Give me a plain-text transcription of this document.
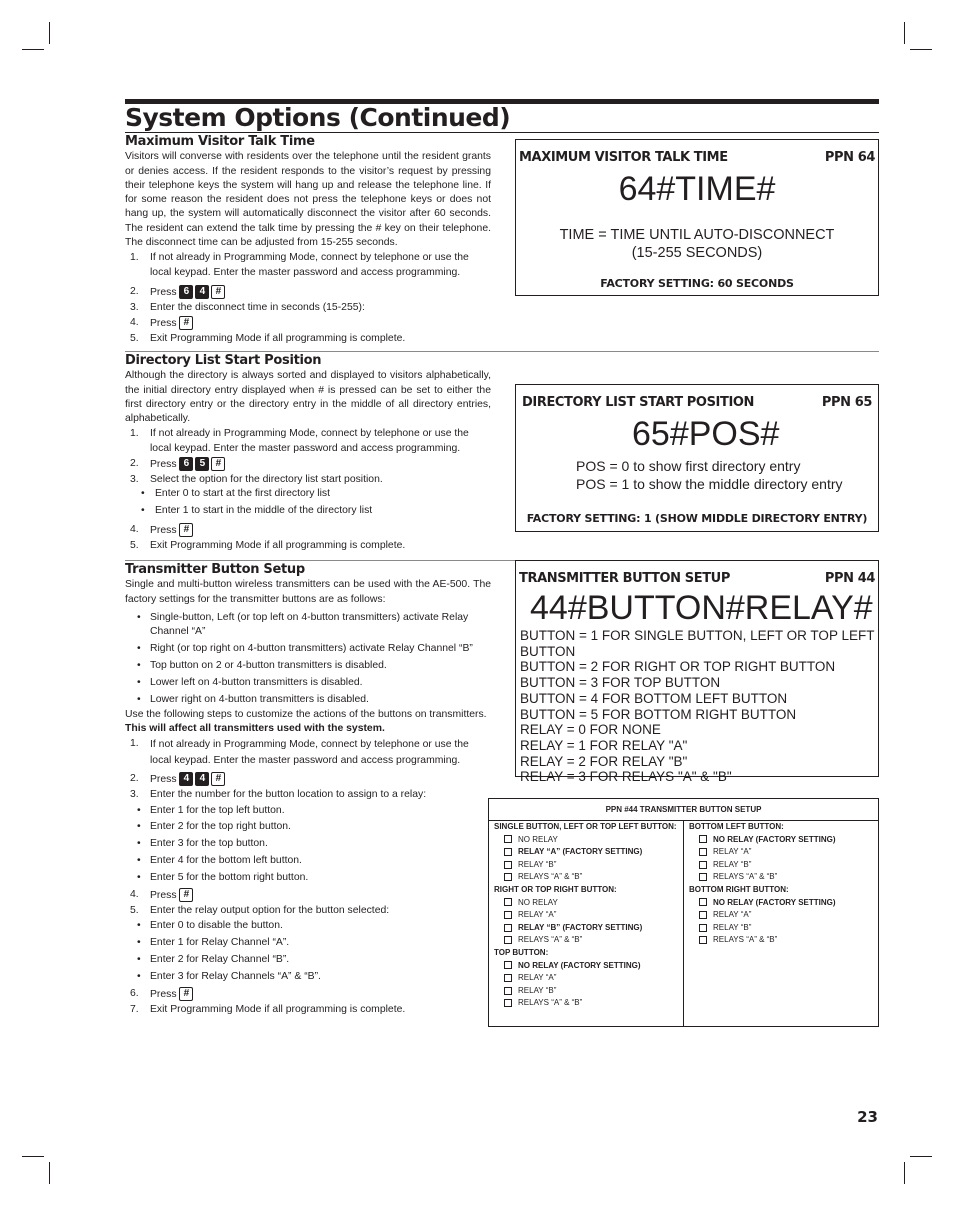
System Options (Continued)
Maximum Visitor Talk Time

Visitors will converse with residents over the telephone until the resident grants or denies access. If the resident responds to the visitor’s request by pressing their telephone keys the system will hang up and release the telephone line. If for some reason the resident does not press the telephone keys or does not hang up, the system will automatically disconnect the visitor after 60 seconds. The resident can extend the talk time by pressing the # key on their telephone. The disconnect time can be adjusted from 15-255 seconds.

1.	If not already in Programming Mode, connect by telephone or use the local keypad. Enter the master password and access programming.
2.	Press 6 4 #
3.	Enter the disconnect time in seconds (15-255):
4.	Press #
5.	Exit Programming Mode if all programming is complete.
Directory List Start Position

Although the directory is always sorted and displayed to visitors alphabetically, the initial directory entry displayed when # is pressed can be set to either the first directory entry or the directory entry in the middle of all directory entries, alphabetically.

1.	If not already in Programming Mode, connect by telephone or use the local keypad. Enter the master password and access programming.
2.	Press 6 5 #
3.	Select the option for the directory list start position.
• Enter 0 to start at the first directory list
• Enter 1 to start in the middle of the directory list
4.	Press #
5.	Exit Programming Mode if all programming is complete.
Transmitter Button Setup

Single and multi-button wireless transmitters can be used with the AE-500. The factory settings for the transmitter buttons are as follows:

• Single-button, Left (or top left on 4-button transmitters) activate Relay Channel “A”
• Right (or top right on 4-button transmitters) activate Relay Channel “B”
• Top button on 2 or 4-button transmitters is disabled.
• Lower left on 4-button transmitters is disabled.
• Lower right on 4-button transmitters is disabled.

Use the following steps to customize the actions of the buttons on transmitters.

This will affect all transmitters used with the system.

1.	If not already in Programming Mode, connect by telephone or use the local keypad. Enter the master password and access programming.
2.	Press 4 4 #
3.	Enter the number for the button location to assign to a relay:
• Enter 1 for the top left button.
• Enter 2 for the top right button.
• Enter 3 for the top button.
• Enter 4 for the bottom left button.
• Enter 5 for the bottom right button.
4.	Press #
5.	Enter the relay output option for the button selected:
• Enter 0 to disable the button.
• Enter 1 for Relay Channel “A”.
• Enter 2 for Relay Channel “B”.
• Enter 3 for Relay Channels “A” & “B”.
6.	Press #
7.	Exit Programming Mode if all programming is complete.
MAXIMUM VISITOR TALK TIME	PPN 64
64#TIME#
TIME = TIME UNTIL AUTO-DISCONNECT
(15-255 SECONDS)
FACTORY SETTING: 60 SECONDS
DIRECTORY LIST START POSITION	PPN 65
65#POS#
POS = 0 to show first directory entry
POS = 1 to show the middle directory entry
FACTORY SETTING: 1 (SHOW MIDDLE DIRECTORY ENTRY)
TRANSMITTER BUTTON SETUP	PPN 44
44#BUTTON#RELAY#
BUTTON = 1 FOR SINGLE BUTTON, LEFT OR TOP LEFT BUTTON
BUTTON = 2 FOR RIGHT OR TOP RIGHT BUTTON
BUTTON = 3 FOR TOP BUTTON
BUTTON = 4 FOR BOTTOM LEFT BUTTON
BUTTON = 5 FOR BOTTOM RIGHT BUTTON
RELAY = 0 FOR NONE
RELAY = 1 FOR RELAY "A"
RELAY = 2 FOR RELAY "B"
RELAY = 3 FOR RELAYS "A" & "B"
PPN #44 TRANSMITTER BUTTON SETUP
SINGLE BUTTON, LEFT OR TOP LEFT BUTTON:
NO RELAY
RELAY “A” (FACTORY SETTING)
RELAY “B”
RELAYS “A” & “B”
RIGHT OR TOP RIGHT BUTTON:
NO RELAY
RELAY “A”
RELAY “B” (FACTORY SETTING)
RELAYS “A” & “B”
TOP BUTTON:
NO RELAY (FACTORY SETTING)
RELAY “A”
RELAY “B”
RELAYS “A” & “B”
BOTTOM LEFT BUTTON:
NO RELAY (FACTORY SETTING)
RELAY “A”
RELAY “B”
RELAYS “A” & “B”
BOTTOM RIGHT BUTTON:
NO RELAY (FACTORY SETTING)
RELAY “A”
RELAY “B”
RELAYS “A” & “B”
23
